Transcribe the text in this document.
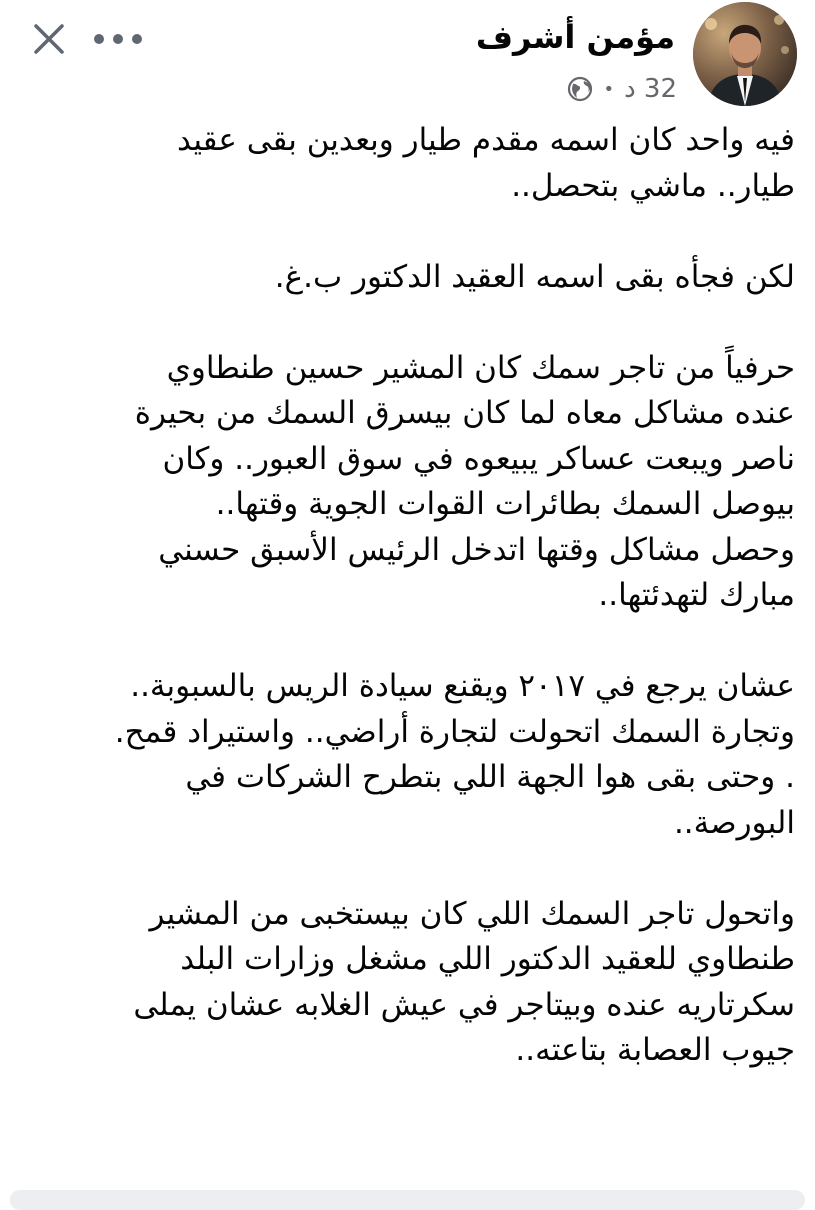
مؤمن أشرف
• 32 د
فيه واحد كان اسمه مقدم طيار وبعدين بقى عقيد
طيار.. ماشي بتحصل..
لكن فجأه بقى اسمه العقيد الدكتور ب.غ.
حرفياً من تاجر سمك كان المشير حسين طنطاوي
عنده مشاكل معاه لما كان بيسرق السمك من بحيرة
ناصر ويبعت عساكر يبيعوه في سوق العبور.. وكان
بيوصل السمك بطائرات القوات الجوية وقتها..
وحصل مشاكل وقتها اتدخل الرئيس الأسبق حسني
مبارك لتهدئتها..
عشان يرجع في ٢٠١٧ ويقنع سيادة الريس بالسبوبة..
وتجارة السمك اتحولت لتجارة أراضي.. واستيراد قمح.
. وحتى بقى هوا الجهة اللي بتطرح الشركات في
البورصة..
واتحول تاجر السمك اللي كان بيستخبى من المشير
طنطاوي للعقيد الدكتور اللي مشغل وزارات البلد
سكرتاريه عنده وبيتاجر في عيش الغلابه عشان يملى
جيوب العصابة بتاعته..
